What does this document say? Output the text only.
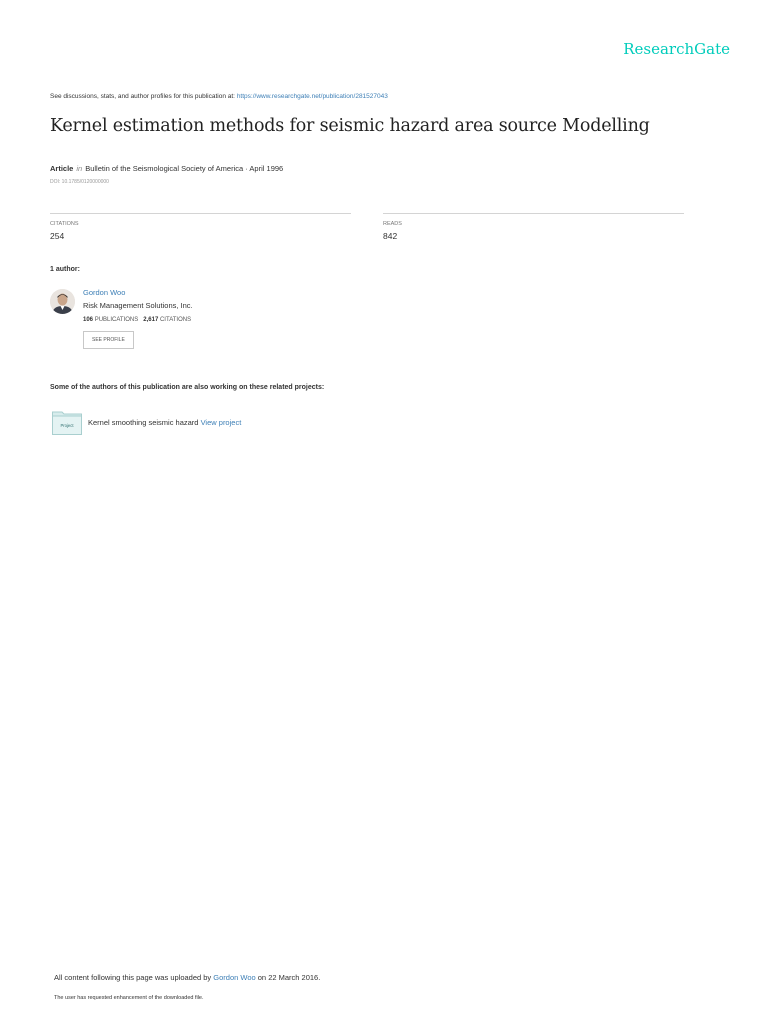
ResearchGate
See discussions, stats, and author profiles for this publication at: https://www.researchgate.net/publication/281527043
Kernel estimation methods for seismic hazard area source Modelling
Article in Bulletin of the Seismological Society of America · April 1996
DOI: 10.1785/0120000000
CITATIONS
254
READS
842
1 author:
Gordon Woo
Risk Management Solutions, Inc.
106 PUBLICATIONS 2,617 CITATIONS
SEE PROFILE
Some of the authors of this publication are also working on these related projects:
Project Kernel smoothing seismic hazard View project
All content following this page was uploaded by Gordon Woo on 22 March 2016.
The user has requested enhancement of the downloaded file.
